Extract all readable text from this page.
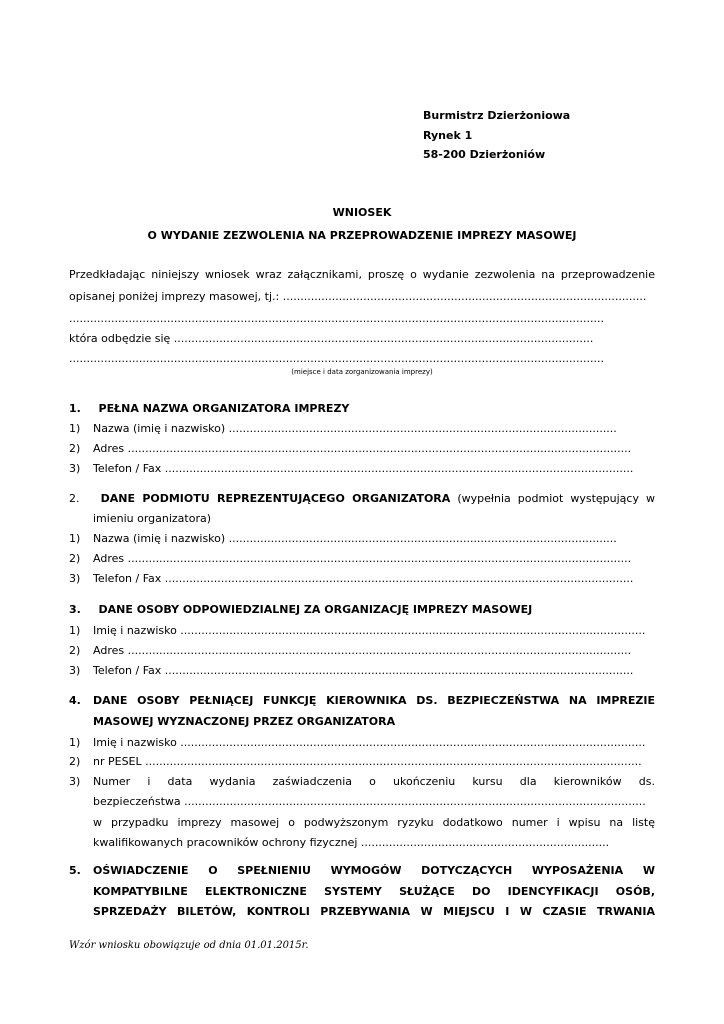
Burmistrz Dzierżoniowa
Rynek 1
58-200 Dzierżoniów
WNIOSEK
O WYDANIE ZEZWOLENIA NA PRZEPROWADZENIE IMPREZY MASOWEJ
Przedkładając niniejszy wniosek wraz załącznikami, proszę o wydanie zezwolenia na przeprowadzenie
opisanej poniżej imprezy masowej, tj.: ........................................................................................................
.........................................................................................................................................................
która odbędzie się ........................................................................................................................
.........................................................................................................................................................
(miejsce i data zorganizowania imprezy)
1. PEŁNA NAZWA ORGANIZATORA IMPREZY
1) Nazwa (imię i nazwisko) ...............................................................................................................
2) Adres ................................................................................................................................................
3) Telefon / Fax ......................................................................................................................................
2. DANE PODMIOTU REPREZENTUJĄCEGO ORGANIZATORA (wypełnia podmiot występujący w
imieniu organizatora)
1) Nazwa (imię i nazwisko) ...............................................................................................................
2) Adres ................................................................................................................................................
3) Telefon / Fax ......................................................................................................................................
3. DANE OSOBY ODPOWIEDZIALNEJ ZA ORGANIZACJĘ IMPREZY MASOWEJ
1) Imię i nazwisko .....................................................................................................................................
2) Adres ................................................................................................................................................
3) Telefon / Fax ......................................................................................................................................
4. DANE OSOBY PEŁNIĄCEJ FUNKCJĘ KIEROWNIKA DS. BEZPIECZEŃSTWA NA IMPREZIE
MASOWEJ WYZNACZONEJ PRZEZ ORGANIZATORA
1) Imię i nazwisko .....................................................................................................................................
2) nr PESEL ..............................................................................................................................................
3) Numer i data wydania zaświadczenia o ukończeniu kursu dla kierowników ds.
bezpieczeństwa ....................................................................................................................................
w przypadku imprezy masowej o podwyższonym ryzyku dodatkowo numer i wpisu na listę
kwalifikowanych pracowników ochrony fizycznej .......................................................................
5. OŚWIADCZENIE O SPEŁNIENIU WYMOGÓW DOTYCZĄCYCH WYPOSAŻENIA W
KOMPATYBILNE ELEKTRONICZNE SYSTEMY SŁUŻĄCE DO IDENCYFIKACJI OSÓB,
SPRZEDAŻY BILETÓW, KONTROLI PRZEBYWANIA W MIEJSCU I W CZASIE TRWANIA
Wzór wniosku obowiązuje od dnia 01.01.2015r.
